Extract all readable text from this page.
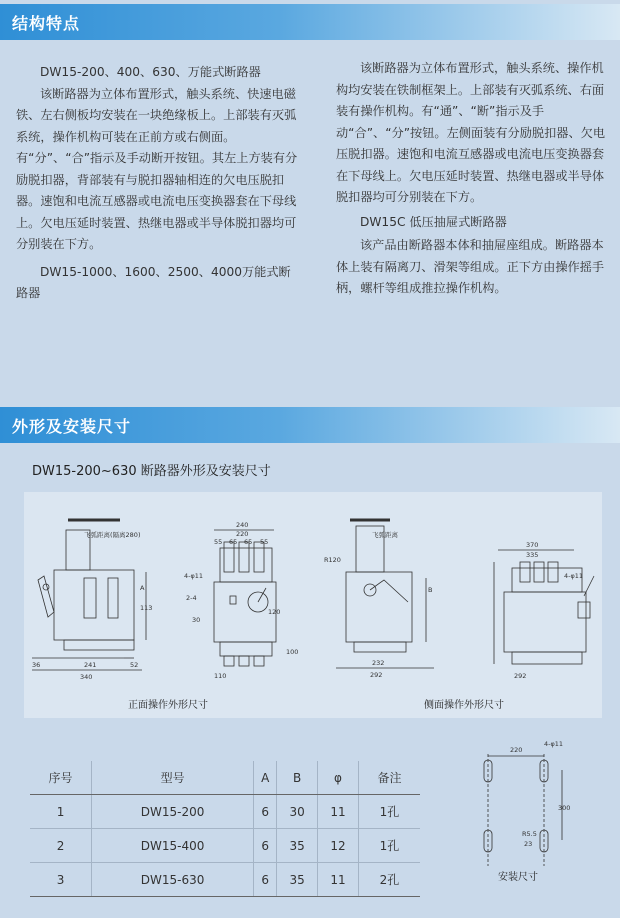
结构特点

DW15-200、400、630、万能式断路器

该断路器为立体布置形式，触头系统、快速电磁铁、左右侧板均安装在一块绝缘板上。上部装有灭弧系统，操作机构可装在正前方或右侧面。有“分”、“合”指示及手动断开按钮。其左上方装有分励脱扣器，背部装有与脱扣器轴相连的欠电压脱扣器。速饱和电流互感器或电流电压变换器套在下母线上。欠电压延时装置、热继电器或半导体脱扣器均可分别装在下方。

DW15-1000、1600、2500、4000万能式断路器

该断路器为立体布置形式，触头系统、操作机构均安装在铁制框架上。上部装有灭弧系统、右面装有操作机构。有“通”、“断”指示及手动“合”、“分”按钮。左侧面装有分励脱扣器、欠电压脱扣器。速饱和电流互感器或电流电压变换器套在下母线上。欠电压延时装置、热继电器或半导体脱扣器均可分别装在下方。

DW15C 低压抽屉式断路器

该产品由断路器本体和抽屉座组成。断路器本体上装有隔离刀、滑架等组成。正下方由操作摇手柄，螺杆等组成推拉操作机构。

外形及安装尺寸
DW15-200~630 断路器外形及安装尺寸
飞弧距离(隔离280)
36	241	52
340
A
113
240
220
55 65 65 55
4-φ11
2-4
110
120
100
30
飞弧距离
R120
232
292
B
370
335
4-φ11
292
正面操作外形尺寸	侧面操作外形尺寸
序号	型号	A	B	φ	备注
1	DW15-200	6	30	11	1孔
2	DW15-400	6	35	12	1孔
3	DW15-630	6	35	11	2孔
4-φ11
220
300
R5.5
23
安装尺寸
